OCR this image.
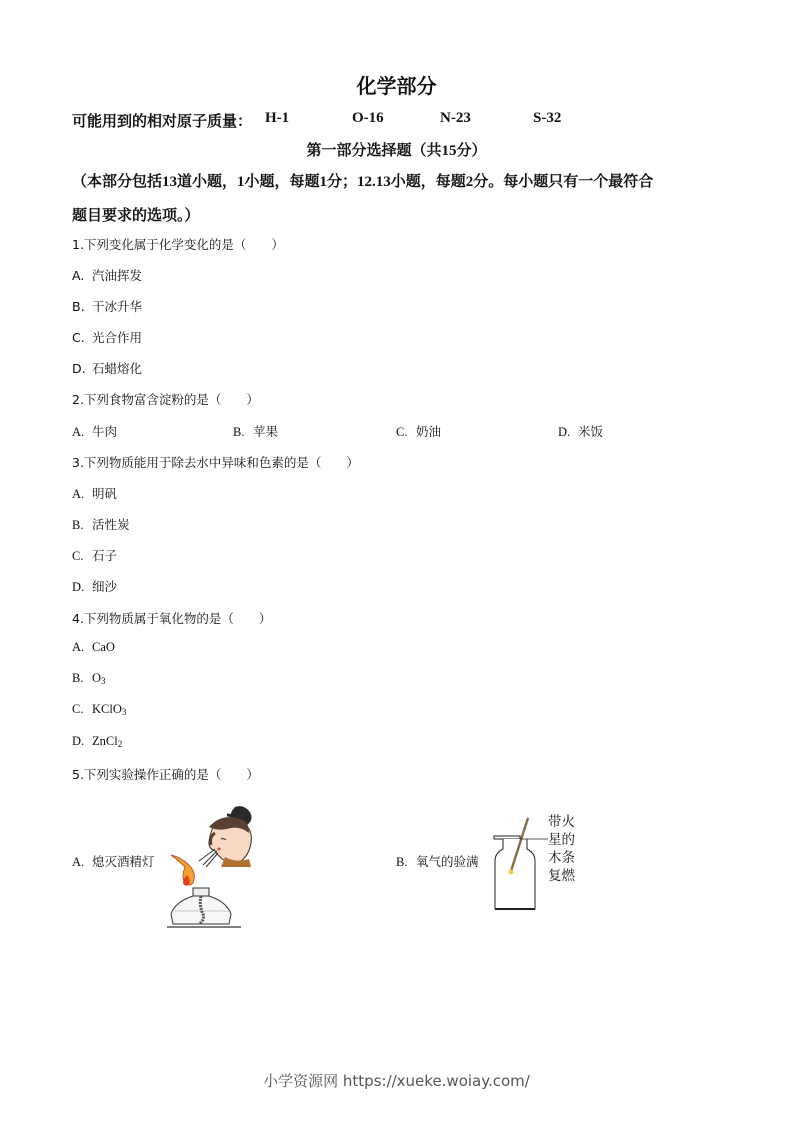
化学部分
可能用到的相对原子质量： H-1	O-16	N-23	S-32
第一部分选择题（共15分）
（本部分包括13道小题，1小题，每题1分；12.13小题，每题2分。每小题只有一个最符合
题目要求的选项。）
1.下列变化属于化学变化的是（　　）
A. 汽油挥发
B. 干冰升华
C. 光合作用
D. 石蜡熔化
2.下列食物富含淀粉的是（　　）
A. 牛肉	B. 苹果	C. 奶油	D. 米饭
3.下列物质能用于除去水中异味和色素的是（　　）
A. 明矾
B. 活性炭
C. 石子
D. 细沙
4.下列物质属于氧化物的是（　　）
A. CaO
B. $O_3$
C. KClO$_3$
D. ZnCl$_2$
5.下列实验操作正确的是（　　）
A. 熄灭酒精灯	B. 氧气的验满
带火
星的
木条
复燃
小学资源网 https://xueke.woiay.com/
